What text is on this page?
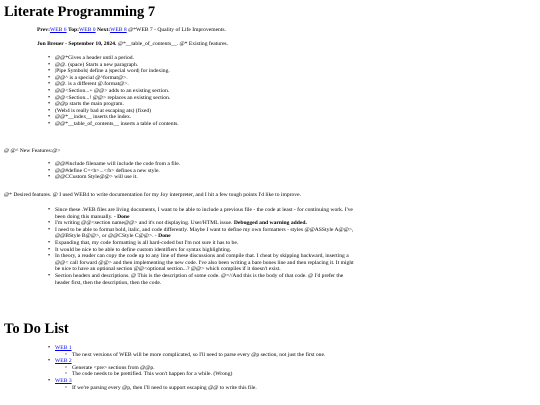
Literate Programming 7
Prev:WEB 6 Top:WEB 0 Next:WEB 8 @*WEB 7 - Quality of Life Improvements.
Jon Breuer - September 10, 2024. @*__table_of_contents__. @* Existing features.
• @@*Gives a header until a period.
• @@. (space) Starts a new paragraph.
• |Pipe Symbols| define a |special word| for indexing.
• @@^ is a special @^format@>.
• @@. is a different @.format@>.
• @@<Section...+ @@> adds to an existing section.
• @@<Section...! @@> replaces an existing section.
• @@p starts the main program.
• (Web4 is really bad at escaping ats) (fixed)
• @@*__index__ inserts the index.
• @@*__table_of_contents__ inserts a table of contents.
@ @^ New Features:@>
• @@#include filename will include the code from a file.
• @@#define C=<b>...</b> defines a new style.
• @@CCustom Style@@> will use it.
@* Desired features. @ I used WEB4 to write documentation for my Joy interpreter, and I hit a few tough points I'd like to improve.
• Since these .WEB files are living documents, I want to be able to include a previous file - the code at least - for continuing work. I've been doing this manually. - Done
• I'm writing @@<section name@@> and it's not displaying. User/HTML issue. Debugged and warning added.
• I need to be able to format bold, italic, and code differently. Maybe I want to define my own formatters - styles @@ASStyle A@@>, @@BStyle B@@>, or @@CStyle C@@>. - Done
• Expanding that, my code formatting is all hard-coded but I'm not sure it has to be.
• It would be nice to be able to define custom identifiers for syntax highlighting.
• In theory, a reader can copy the code up to any line of these discussions and compile that. I cheat by skipping backward, inserting a @@< call forward @@> and then implementing the new code. I've also been writing a bare bones line and then replacing it. It might be nice to have an optional section @@<optional section...? @@> which compiles if it doesn't exist.
• Section headers and descriptions. @ This is the description of some code. @=//And this is the body of that code. @ I'd prefer the header first, then the description, then the code.
To Do List
• WEB 1
◦ The next versions of WEB will be more complicated, so I'll need to parse every @p section, not just the first one.
• WEB 2
◦ Generate <pre> sections from @@p.
◦ The code needs to be prettified. This won't happen for a while. (Wrong)
• WEB 3
◦ If we're parsing every @p, then I'll need to support escaping @@ to write this file.
